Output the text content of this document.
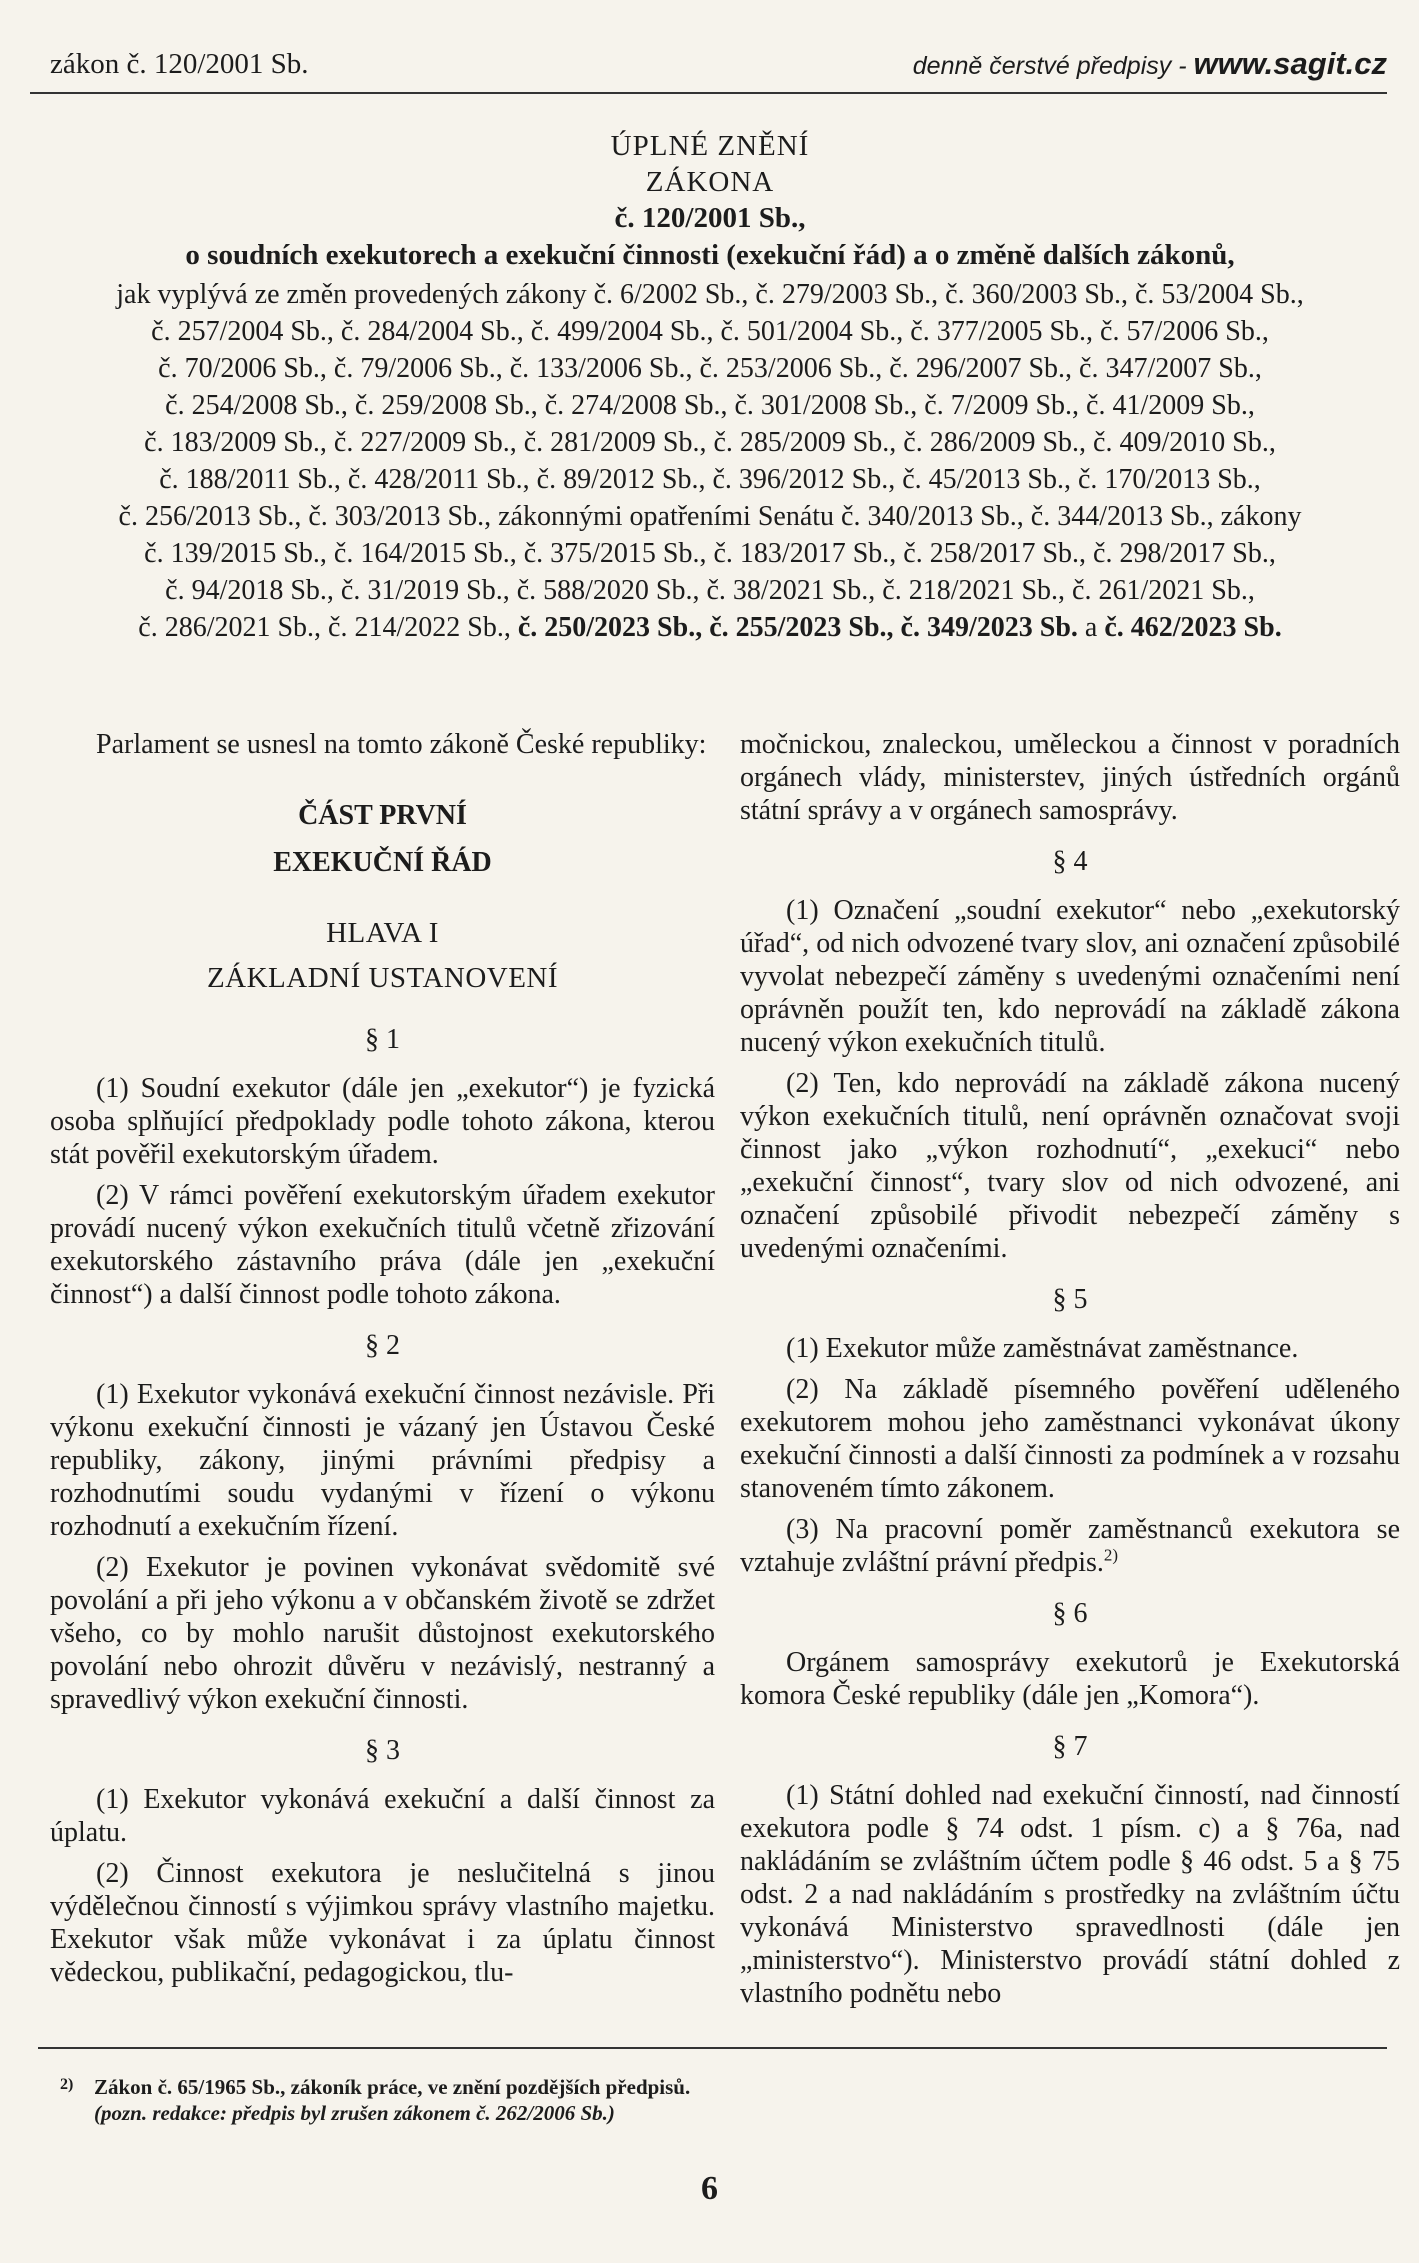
zákon č. 120/2001 Sb.	denně čerstvé předpisy - www.sagit.cz
ÚPLNÉ ZNĚNÍ
ZÁKONA
č. 120/2001 Sb.,
o soudních exekutorech a exekuční činnosti (exekuční řád) a o změně dalších zákonů,
jak vyplývá ze změn provedených zákony č. 6/2002 Sb., č. 279/2003 Sb., č. 360/2003 Sb., č. 53/2004 Sb.,
č. 257/2004 Sb., č. 284/2004 Sb., č. 499/2004 Sb., č. 501/2004 Sb., č. 377/2005 Sb., č. 57/2006 Sb.,
č. 70/2006 Sb., č. 79/2006 Sb., č. 133/2006 Sb., č. 253/2006 Sb., č. 296/2007 Sb., č. 347/2007 Sb.,
č. 254/2008 Sb., č. 259/2008 Sb., č. 274/2008 Sb., č. 301/2008 Sb., č. 7/2009 Sb., č. 41/2009 Sb.,
č. 183/2009 Sb., č. 227/2009 Sb., č. 281/2009 Sb., č. 285/2009 Sb., č. 286/2009 Sb., č. 409/2010 Sb.,
č. 188/2011 Sb., č. 428/2011 Sb., č. 89/2012 Sb., č. 396/2012 Sb., č. 45/2013 Sb., č. 170/2013 Sb.,
č. 256/2013 Sb., č. 303/2013 Sb., zákonnými opatřeními Senátu č. 340/2013 Sb., č. 344/2013 Sb., zákony
č. 139/2015 Sb., č. 164/2015 Sb., č. 375/2015 Sb., č. 183/2017 Sb., č. 258/2017 Sb., č. 298/2017 Sb.,
č. 94/2018 Sb., č. 31/2019 Sb., č. 588/2020 Sb., č. 38/2021 Sb., č. 218/2021 Sb., č. 261/2021 Sb.,
č. 286/2021 Sb., č. 214/2022 Sb., č. 250/2023 Sb., č. 255/2023 Sb., č. 349/2023 Sb. a č. 462/2023 Sb.

Parlament se usnesl na tomto zákoně České republiky:

ČÁST PRVNÍ
EXEKUČNÍ ŘÁD
HLAVA I
ZÁKLADNÍ USTANOVENÍ
§ 1

(1) Soudní exekutor (dále jen „exekutor“) je fyzická osoba splňující předpoklady podle tohoto zákona, kterou stát pověřil exekutorským úřadem.

(2) V rámci pověření exekutorským úřadem exekutor provádí nucený výkon exekučních titulů včetně zřizování exekutorského zástavního práva (dále jen „exekuční činnost“) a další činnost podle tohoto zákona.

§ 2

(1) Exekutor vykonává exekuční činnost nezávisle. Při výkonu exekuční činnosti je vázaný jen Ústavou České republiky, zákony, jinými právními předpisy a rozhodnutími soudu vydanými v řízení o výkonu rozhodnutí a exekučním řízení.

(2) Exekutor je povinen vykonávat svědomitě své povolání a při jeho výkonu a v občanském životě se zdržet všeho, co by mohlo narušit důstojnost exekutorského povolání nebo ohrozit důvěru v nezávislý, nestranný a spravedlivý výkon exekuční činnosti.

§ 3

(1) Exekutor vykonává exekuční a další činnost za úplatu.

(2) Činnost exekutora je neslučitelná s jinou výdělečnou činností s výjimkou správy vlastního majetku. Exekutor však může vykonávat i za úplatu činnost vědeckou, publikační, pedagogickou, tlu-

močnickou, znaleckou, uměleckou a činnost v poradních orgánech vlády, ministerstev, jiných ústředních orgánů státní správy a v orgánech samosprávy.

§ 4

(1) Označení „soudní exekutor“ nebo „exekutorský úřad“, od nich odvozené tvary slov, ani označení způsobilé vyvolat nebezpečí záměny s uvedenými označeními není oprávněn použít ten, kdo neprovádí na základě zákona nucený výkon exekučních titulů.

(2) Ten, kdo neprovádí na základě zákona nucený výkon exekučních titulů, není oprávněn označovat svoji činnost jako „výkon rozhodnutí“, „exekuci“ nebo „exekuční činnost“, tvary slov od nich odvozené, ani označení způsobilé přivodit nebezpečí záměny s uvedenými označeními.

§ 5

(1) Exekutor může zaměstnávat zaměstnance.

(2) Na základě písemného pověření uděleného exekutorem mohou jeho zaměstnanci vykonávat úkony exekuční činnosti a další činnosti za podmínek a v rozsahu stanoveném tímto zákonem.

(3) Na pracovní poměr zaměstnanců exekutora se vztahuje zvláštní právní předpis.$^{2)}$

§ 6

Orgánem samosprávy exekutorů je Exekutorská komora České republiky (dále jen „Komora“).

§ 7

(1) Státní dohled nad exekuční činností, nad činností exekutora podle § 74 odst. 1 písm. c) a § 76a, nad nakládáním se zvláštním účtem podle § 46 odst. 5 a § 75 odst. 2 a nad nakládáním s prostředky na zvláštním účtu vykonává Ministerstvo spravedlnosti (dále jen „ministerstvo“). Ministerstvo provádí státní dohled z vlastního podnětu nebo

2) Zákon č. 65/1965 Sb., zákoník práce, ve znění pozdějších předpisů.
(pozn. redakce: předpis byl zrušen zákonem č. 262/2006 Sb.)
6
